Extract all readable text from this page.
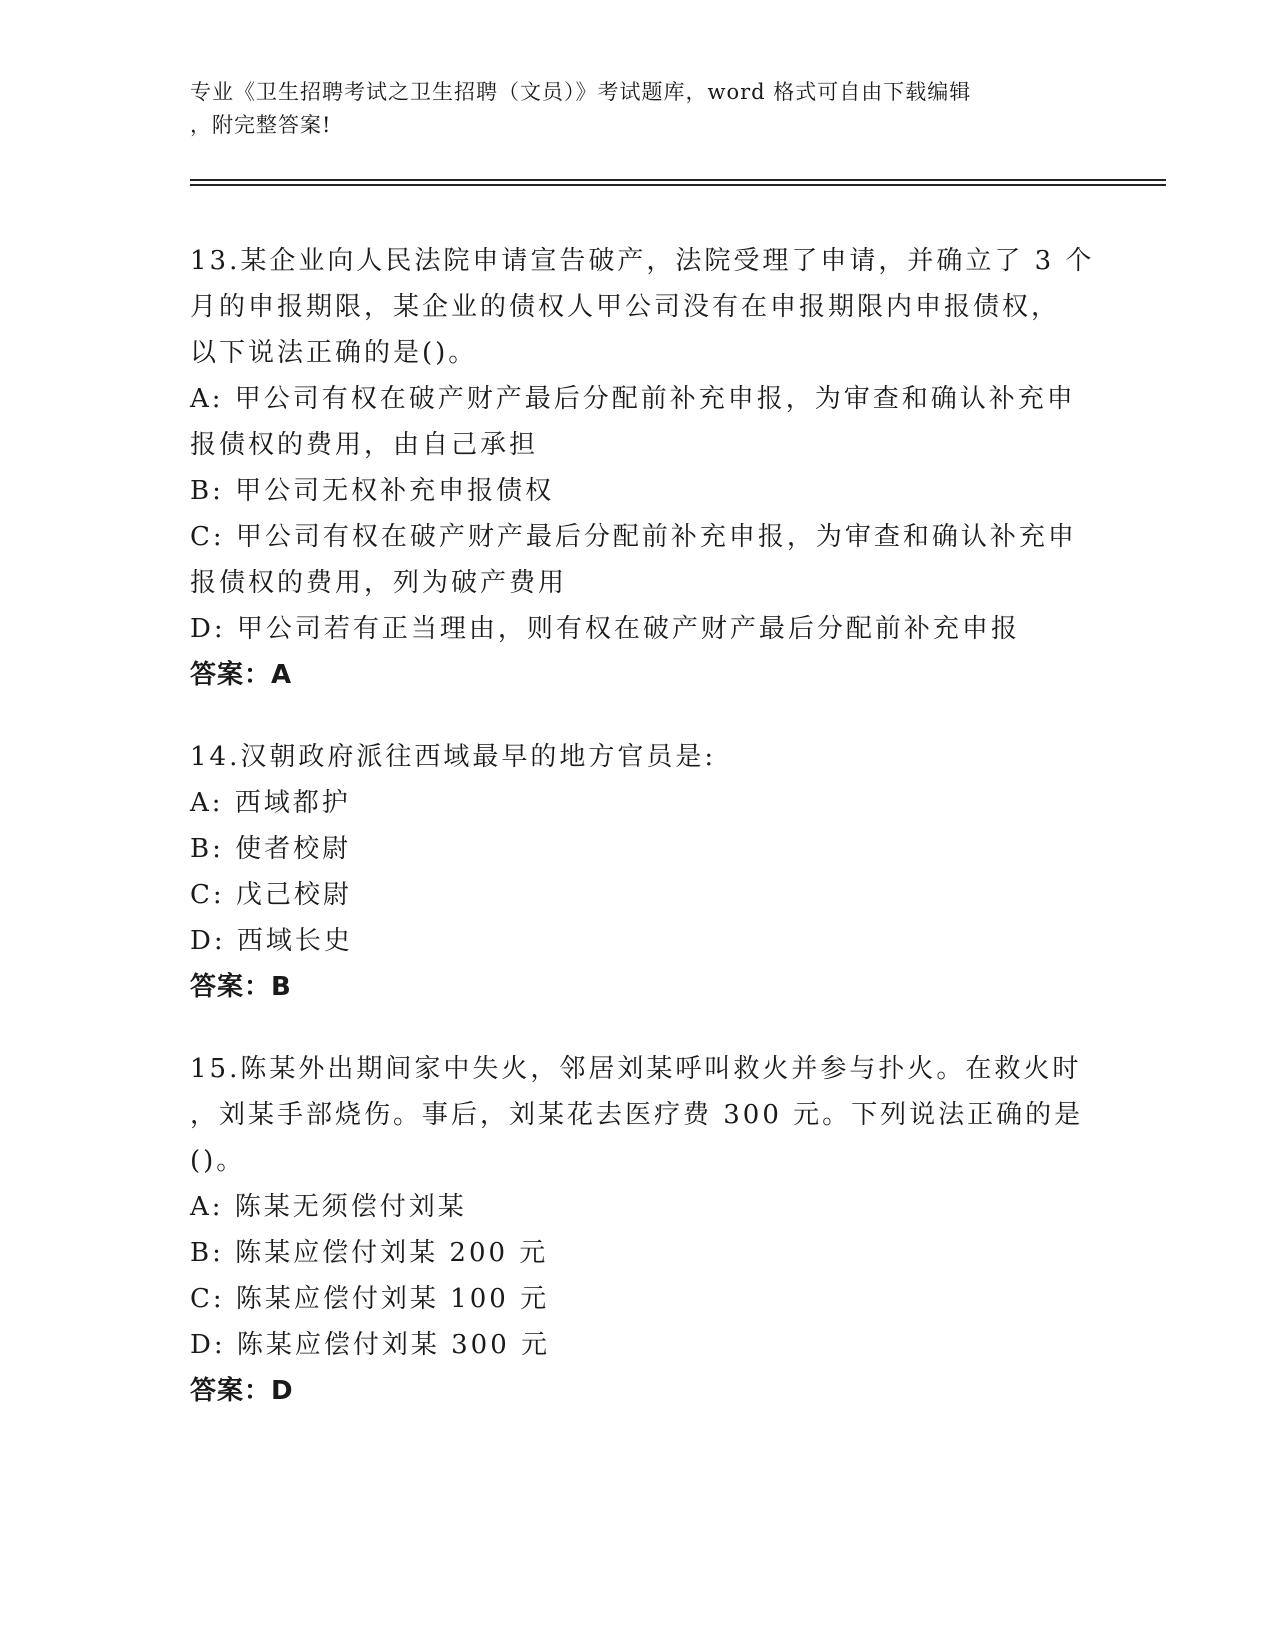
专业《卫生招聘考试之卫生招聘（文员）》考试题库，word 格式可自由下载编辑
，附完整答案!
13.某企业向人民法院申请宣告破产，法院受理了申请，并确立了 3 个
月的申报期限，某企业的债权人甲公司没有在申报期限内申报债权，
以下说法正确的是()。
A: 甲公司有权在破产财产最后分配前补充申报，为审查和确认补充申
报债权的费用，由自己承担
B: 甲公司无权补充申报债权
C: 甲公司有权在破产财产最后分配前补充申报，为审查和确认补充申
报债权的费用，列为破产费用
D: 甲公司若有正当理由，则有权在破产财产最后分配前补充申报
答案：A
14.汉朝政府派往西域最早的地方官员是:
A: 西域都护
B: 使者校尉
C: 戊己校尉
D: 西域长史
答案：B
15.陈某外出期间家中失火，邻居刘某呼叫救火并参与扑火。在救火时
，刘某手部烧伤。事后，刘某花去医疗费 300 元。下列说法正确的是
()。
A: 陈某无须偿付刘某
B: 陈某应偿付刘某 200 元
C: 陈某应偿付刘某 100 元
D: 陈某应偿付刘某 300 元
答案：D
